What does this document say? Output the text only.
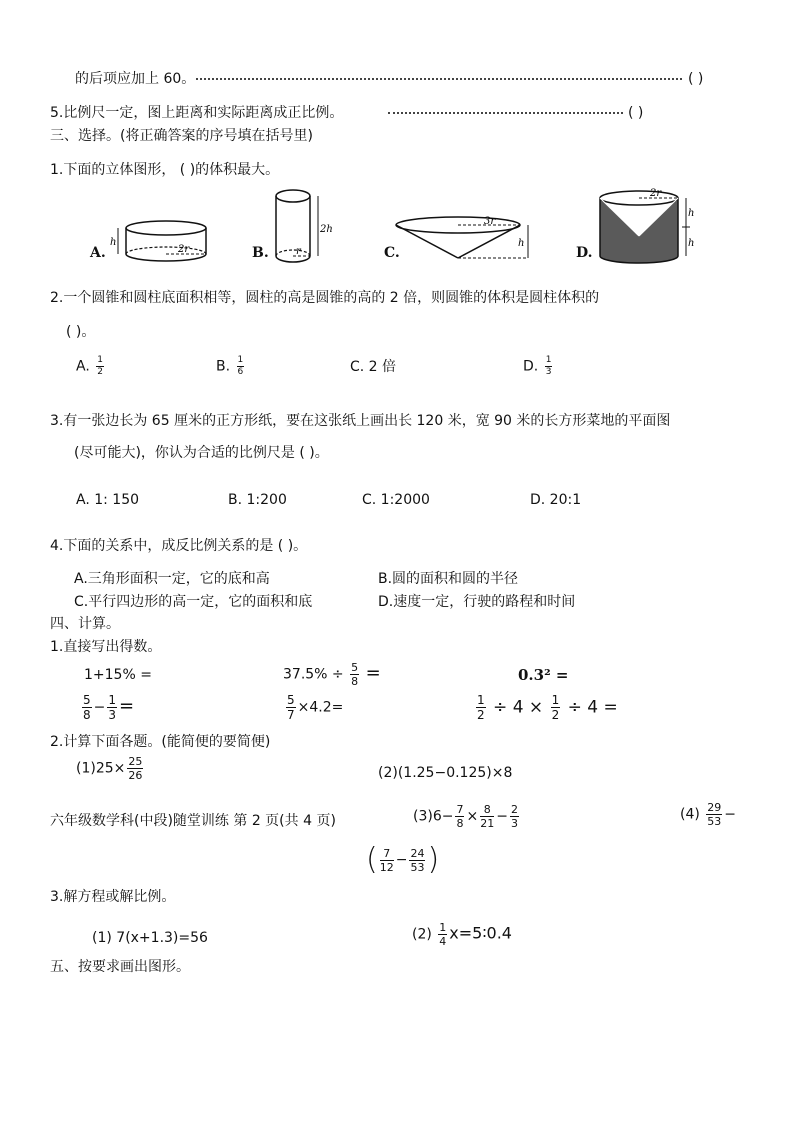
的后项应加上 60。	( )
5.比例尺一定，图上距离和实际距离成正比例。	( )
三、选择。(将正确答案的序号填在括号里)
1.下面的立体图形， ( )的体积最大。
A.
h
2r	B.
2h
r	C.
3r
h
D.
2r
h
h
2.一个圆锥和圆柱底面积相等，圆柱的高是圆锥的高的 2 倍，则圆锥的体积是圆柱体积的
( )。
A. $\frac{1}{2}$	B. $\frac{1}{6}$	C. 2 倍	D. $\frac{1}{3}$
3.有一张边长为 65 厘米的正方形纸，要在这张纸上画出长 120 米，宽 90 米的长方形菜地的平面图
(尽可能大)，你认为合适的比例尺是 ( )。
A. 1: 150	B. 1:200	C. 1:2000	D. 20:1
4.下面的关系中，成反比例关系的是 ( )。
A.三角形面积一定，它的底和高	B.圆的面积和圆的半径
C.平行四边形的高一定，它的面积和底	D.速度一定，行驶的路程和时间
四、计算。
1.直接写出得数。
1+15% =	$37.5\% \div \frac{5}{8}$ =	0.3² =
$\frac{5}{8} - \frac{1}{3}$ =	$\frac{5}{7} \times 4.2=$	$\frac{1}{2} \div 4 \times \frac{1}{2} \div 4$ =
2.计算下面各题。(能简便的要简便)
$(1)25\times \frac{25}{26}$	(2)(1.25−0.125)×8
六年级数学科(中段)随堂训练 第 2 页(共 4 页)	$(3)6- \frac{7}{8} \times \frac{8}{21} - \frac{2}{3}$	$(4) \frac{29}{53}$ −
( $\frac{7}{12} - \frac{24}{53}$ )
3.解方程或解比例。
(1) 7(x+1.3)=56	$(2) \frac{1}{4}$ x=5∶0.4
五、按要求画出图形。
